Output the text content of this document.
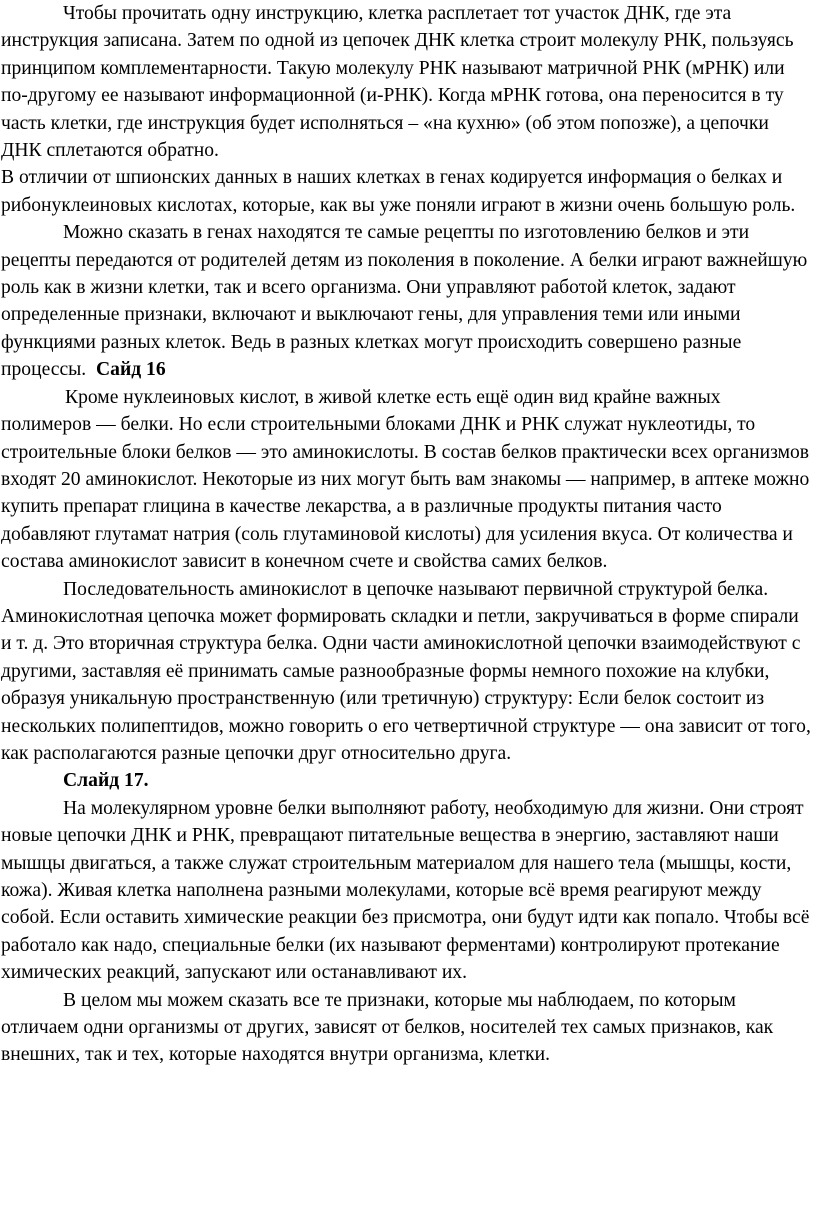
Чтобы прочитать одну инструкцию, клетка расплетает тот участок ДНК, где эта инструкция записана. Затем по одной из цепочек ДНК клетка строит молекулу РНК, пользуясь принципом комплементарности. Такую молекулу РНК называют матричной РНК (мРНК) или по-другому ее называют информационной (и-РНК). Когда мРНК готова, она переносится в ту часть клетки, где инструкция будет исполняться – «на кухню» (об этом попозже), а цепочки ДНК сплетаются обратно.

В отличии от шпионских данных в наших клетках в генах кодируется информация о белках и рибонуклеиновых кислотах, которые, как вы уже поняли играют в жизни очень большую роль.

Можно сказать в генах находятся те самые рецепты по изготовлению белков и эти рецепты передаются от родителей детям из поколения в поколение. А белки играют важнейшую роль как в жизни клетки, так и всего организма. Они управляют работой клеток, задают определенные признаки, включают и выключают гены, для управления теми или иными функциями разных клеток. Ведь в разных клетках могут происходить совершено разные процессы. Сайд 16

Кроме нуклеиновых кислот, в живой клетке есть ещё один вид крайне важных полимеров — белки. Но если строительными блоками ДНК и РНК служат нуклеотиды, то строительные блоки белков — это аминокислоты. В состав белков практически всех организмов входят 20 аминокислот. Некоторые из них могут быть вам знакомы — например, в аптеке можно купить препарат глицина в качестве лекарства, а в различные продукты питания часто добавляют глутамат натрия (соль глутаминовой кислоты) для усиления вкуса. От количества и состава аминокислот зависит в конечном счете и свойства самих белков.

Последовательность аминокислот в цепочке называют первичной структурой белка. Аминокислотная цепочка может формировать складки и петли, закручиваться в форме спирали и т. д. Это вторичная структура белка. Одни части аминокислотной цепочки взаимодействуют с другими, заставляя её принимать самые разнообразные формы немного похожие на клубки, образуя уникальную пространственную (или третичную) структуру: Если белок состоит из нескольких полипептидов, можно говорить о его четвертичной структуре — она зависит от того, как располагаются разные цепочки друг относительно друга.

Слайд 17.

На молекулярном уровне белки выполняют работу, необходимую для жизни. Они строят новые цепочки ДНК и РНК, превращают питательные вещества в энергию, заставляют наши мышцы двигаться, а также служат строительным материалом для нашего тела (мышцы, кости, кожа). Живая клетка наполнена разными молекулами, которые всё время реагируют между собой. Если оставить химические реакции без присмотра, они будут идти как попало. Чтобы всё работало как надо, специальные белки (их называют ферментами) контролируют протекание химических реакций, запускают или останавливают их.

В целом мы можем сказать все те признаки, которые мы наблюдаем, по которым отличаем одни организмы от других, зависят от белков, носителей тех самых признаков, как внешних, так и тех, которые находятся внутри организма, клетки.
